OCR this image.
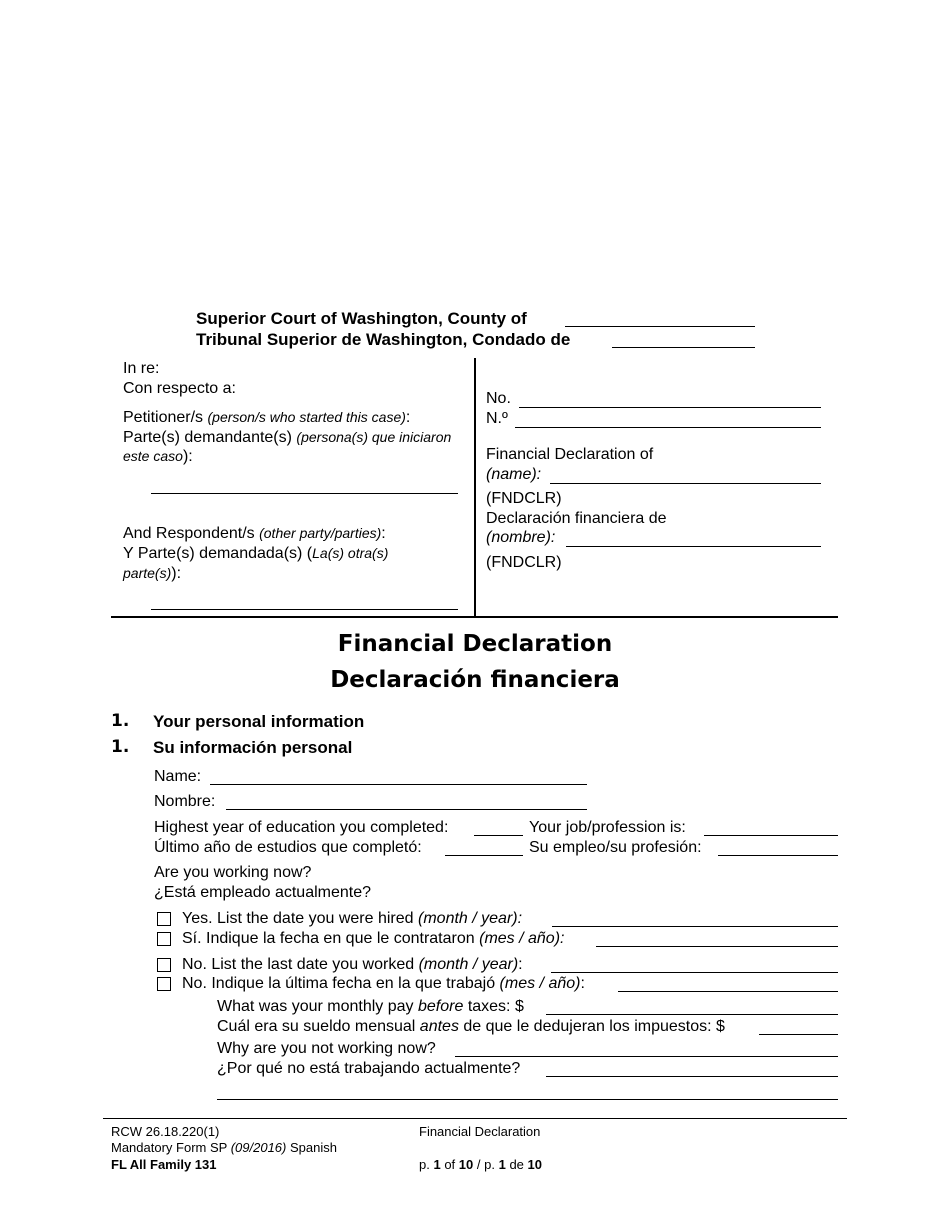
Superior Court of Washington, County of
Tribunal Superior de Washington, Condado de
In re:
Con respecto a:
Petitioner/s (person/s who started this case):
Parte(s) demandante(s) (persona(s) que iniciaron
este caso):
And Respondent/s (other party/parties):
Y Parte(s) demandada(s) (La(s) otra(s)
parte(s)):
No.
N.º
Financial Declaration of
(name):
(FNDCLR)
Declaración financiera de
(nombre):
(FNDCLR)
Financial Declaration
Declaración financiera
1. Your personal information
1. Su información personal
Name:
Nombre:
Highest year of education you completed:	Your job/profession is:
Último año de estudios que completó:	Su empleo/su profesión:
Are you working now?
¿Está empleado actualmente?
Yes. List the date you were hired (month / year):
Sí. Indique la fecha en que le contrataron (mes / año):
No. List the last date you worked (month / year):
No. Indique la última fecha en la que trabajó (mes / año):
What was your monthly pay before taxes: $
Cuál era su sueldo mensual antes de que le dedujeran los impuestos: $
Why are you not working now?
¿Por qué no está trabajando actualmente?
RCW 26.18.220(1)
Mandatory Form SP (09/2016) Spanish
FL All Family 131
Financial Declaration
p. 1 of 10 / p. 1 de 10
